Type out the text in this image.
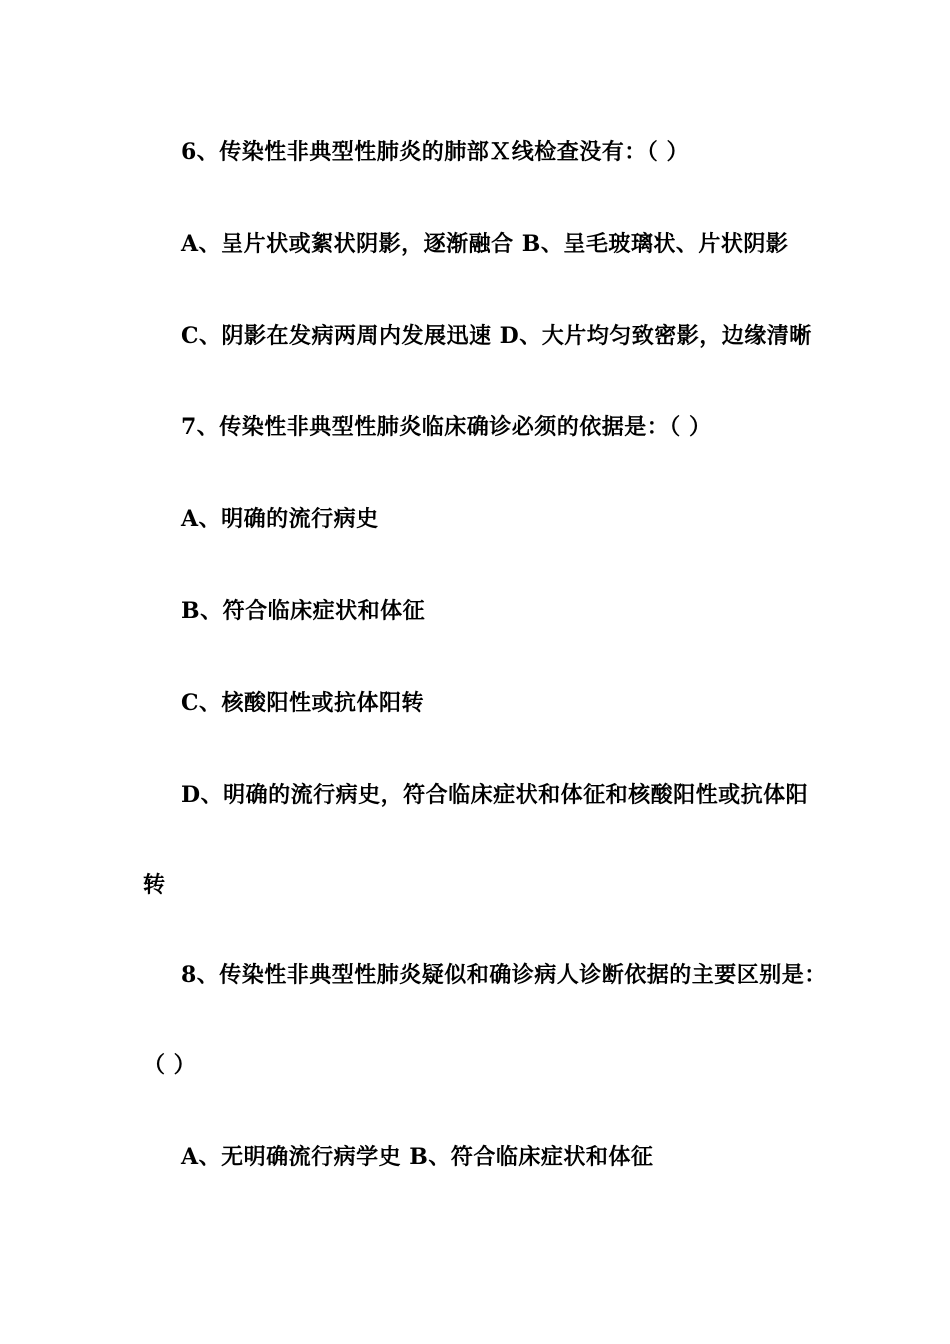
6、传染性非典型性肺炎的肺部Ｘ线检查没有：（ ）
A、呈片状或絮状阴影，逐渐融合 B、呈毛玻璃状、片状阴影
C、阴影在发病两周内发展迅速 D、大片均匀致密影，边缘清晰
7、传染性非典型性肺炎临床确诊必须的依据是：（ ）
A、明确的流行病史
B、符合临床症状和体征
C、核酸阳性或抗体阳转
D、明确的流行病史，符合临床症状和体征和核酸阳性或抗体阳
转
8、传染性非典型性肺炎疑似和确诊病人诊断依据的主要区别是：
（ ）
A、无明确流行病学史 B、符合临床症状和体征
